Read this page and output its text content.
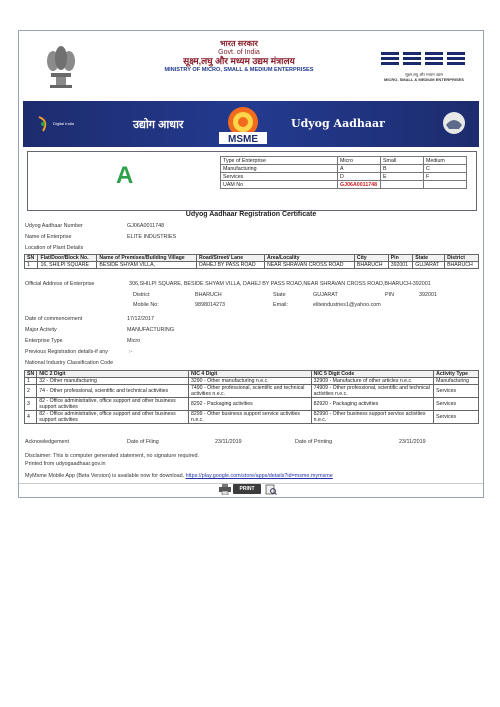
भारत सरकार
Govt. of India
सूक्ष्म,लघु और मध्यम उद्यम मंत्रालय
MINISTRY OF MICRO, SMALL & MEDIUM ENTERPRISES
सूक्ष्म,लघु और मध्यम उद्यम
MICRO, SMALL & MEDIUM ENTERPRISES
Digital India	उद्योग आधार
MSME
Udyog Aadhaar
A
Type of Enterprise	Micro	Small	Medium
Manufacturing	A	B	C
Services	D	E	F
UAM No	GJ06A0011748		
Udyog Aadhaar Registration Certificate
Udyog Aadhaar Number	GJ06A0011748
Name of Enterprise	ELITE INDUSTRIES
Location of Plant Details
SN	Flat/Door/Block No.	Name of Premises/Building Village	Road/Street/ Lane	Area/Locality	City	Pin	State	District
1	16, SHILPI SQUARE	BESIDE SHYAM VILLA,	DAHEJ BY PASS ROAD	NEAR SHRAVAN CROSS ROAD	BHARUCH	392001	GUJARAT	BHARUCH
Official Address of Enterprise	306,SHILPI SQUARE, BESIDE SHYAM VILLA, DAHEJ BY PASS ROAD,NEAR SHRAVAN CROSS ROAD,BHARUCH-392001
District	BHARUCH	State	GUJARAT	PIN	392001
Mobile No:	9898014273	Email:	eliteindustries1@yahoo.com
Date of commencement	17/12/2017
Major Activity	MANUFACTURING
Enterprise Type	Micro
Previous Registration details-if any	:-
National Industry Classification Code
SN	NIC 2 Digit	NIC 4 Digit	NIC 5 Digit Code	Activity Type
1	32 - Other manufacturing	3290 - Other manufacturing n.e.c.	32909 - Manufacture of other articles n.e.c.	Manufacturing
2	74 - Other professional, scientific and technical activities	7490 - Other professional, scientific and technical activities n.e.c.	74909 - Other professional, scientific and technical activities n.e.c.	Services
3	82 - Office administrative, office support and other business support activities	8292 - Packaging activities	82920 - Packaging activities	Services
4	82 - Office administrative, office support and other business support activities	8299 - Other business support service activities n.e.c.	82990 - Other business support service activities n.e.c.	Services
Acknowledgement	Date of Filing	23/11/2019	Date of Printing	23/11/2019
Disclaimer: This is computer generated statement, no signature required.
Printed from udyogaadhaar.gov.in
MyMsme Mobile App (Beta Version) is available now for download. https://play.google.com/store/apps/details?id=msme.mymsme
PRINT
